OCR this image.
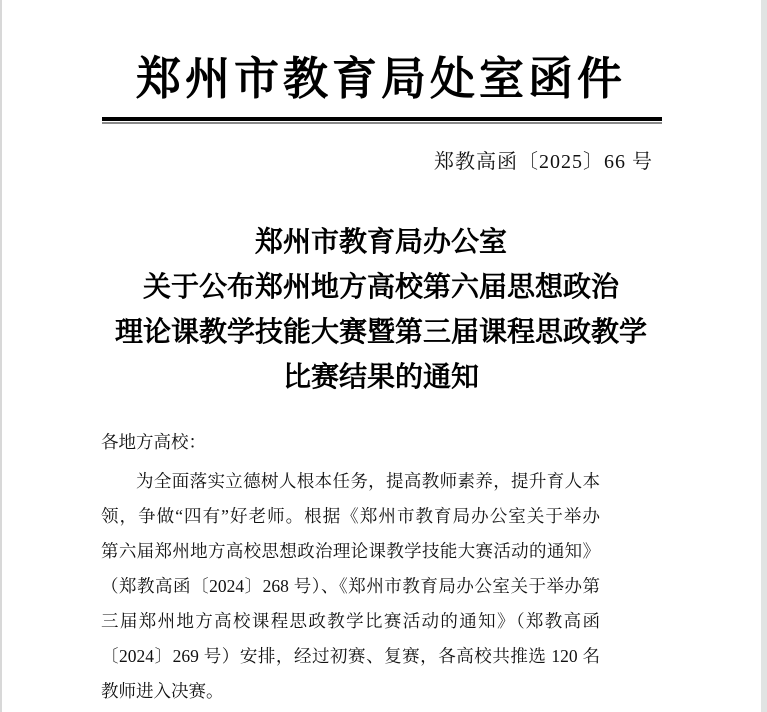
郑州市教育局处室函件
郑教高函〔2025〕66 号
郑州市教育局办公室
关于公布郑州地方高校第六届思想政治
理论课教学技能大赛暨第三届课程思政教学
比赛结果的通知
各地方高校：
为全面落实立德树人根本任务，提高教师素养，提升育人本
领，争做“四有”好老师。根据《郑州市教育局办公室关于举办
第六届郑州地方高校思想政治理论课教学技能大赛活动的通知》
（郑教高函〔2024〕268 号）、《郑州市教育局办公室关于举办第
三届郑州地方高校课程思政教学比赛活动的通知》（郑教高函
〔2024〕269 号）安排，经过初赛、复赛，各高校共推选 120 名
教师进入决赛。
